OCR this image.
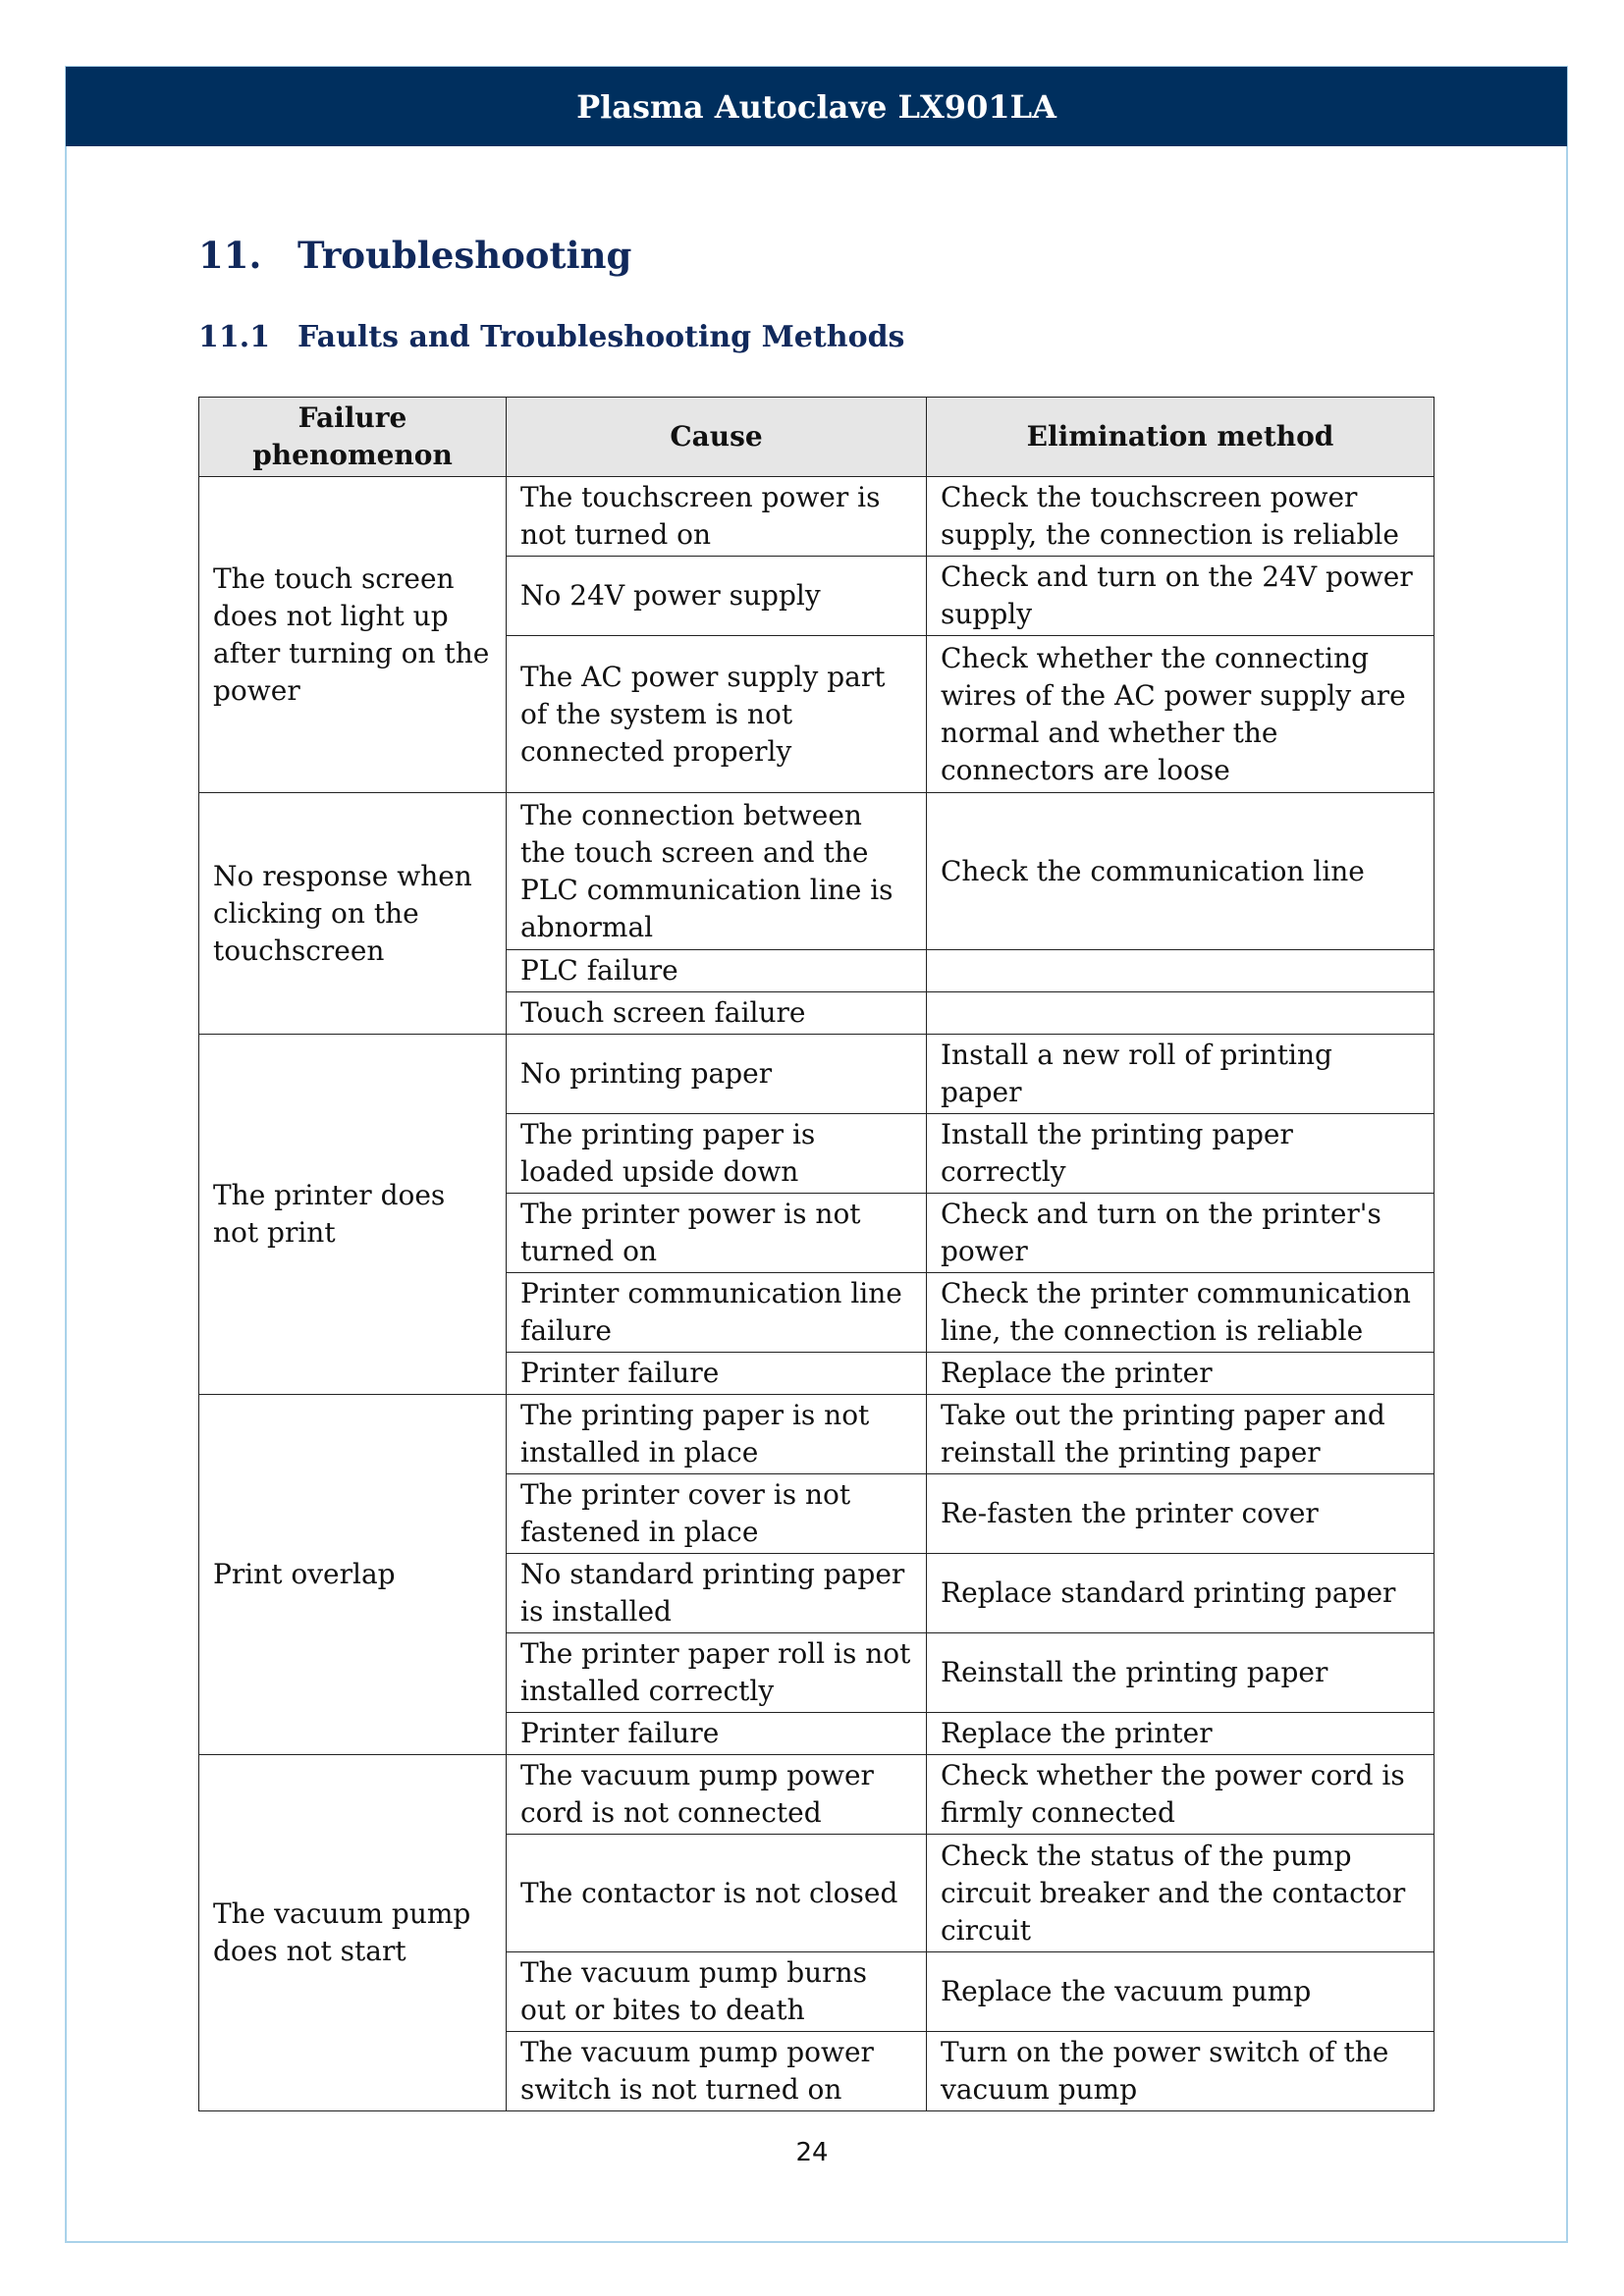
Plasma Autoclave LX901LA
11. Troubleshooting
11.1 Faults and Troubleshooting Methods
Failure phenomenon	Cause	Elimination method
The touch screen does not light up after turning on the power	The touchscreen power is not turned on	Check the touchscreen power supply, the connection is reliable
	No 24V power supply	Check and turn on the 24V power supply
	The AC power supply part of the system is not connected properly	Check whether the connecting wires of the AC power supply are normal and whether the connectors are loose
No response when clicking on the touchscreen	The connection between the touch screen and the PLC communication line is abnormal	Check the communication line
	PLC failure	
	Touch screen failure	
The printer does not print	No printing paper	Install a new roll of printing paper
	The printing paper is loaded upside down	Install the printing paper correctly
	The printer power is not turned on	Check and turn on the printer's power
	Printer communication line failure	Check the printer communication line, the connection is reliable
	Printer failure	Replace the printer
Print overlap	The printing paper is not installed in place	Take out the printing paper and reinstall the printing paper
	The printer cover is not fastened in place	Re-fasten the printer cover
	No standard printing paper is installed	Replace standard printing paper
	The printer paper roll is not installed correctly	Reinstall the printing paper
	Printer failure	Replace the printer
The vacuum pump does not start	The vacuum pump power cord is not connected	Check whether the power cord is firmly connected
	The contactor is not closed	Check the status of the pump circuit breaker and the contactor circuit
	The vacuum pump burns out or bites to death	Replace the vacuum pump
	The vacuum pump power switch is not turned on	Turn on the power switch of the vacuum pump
24
